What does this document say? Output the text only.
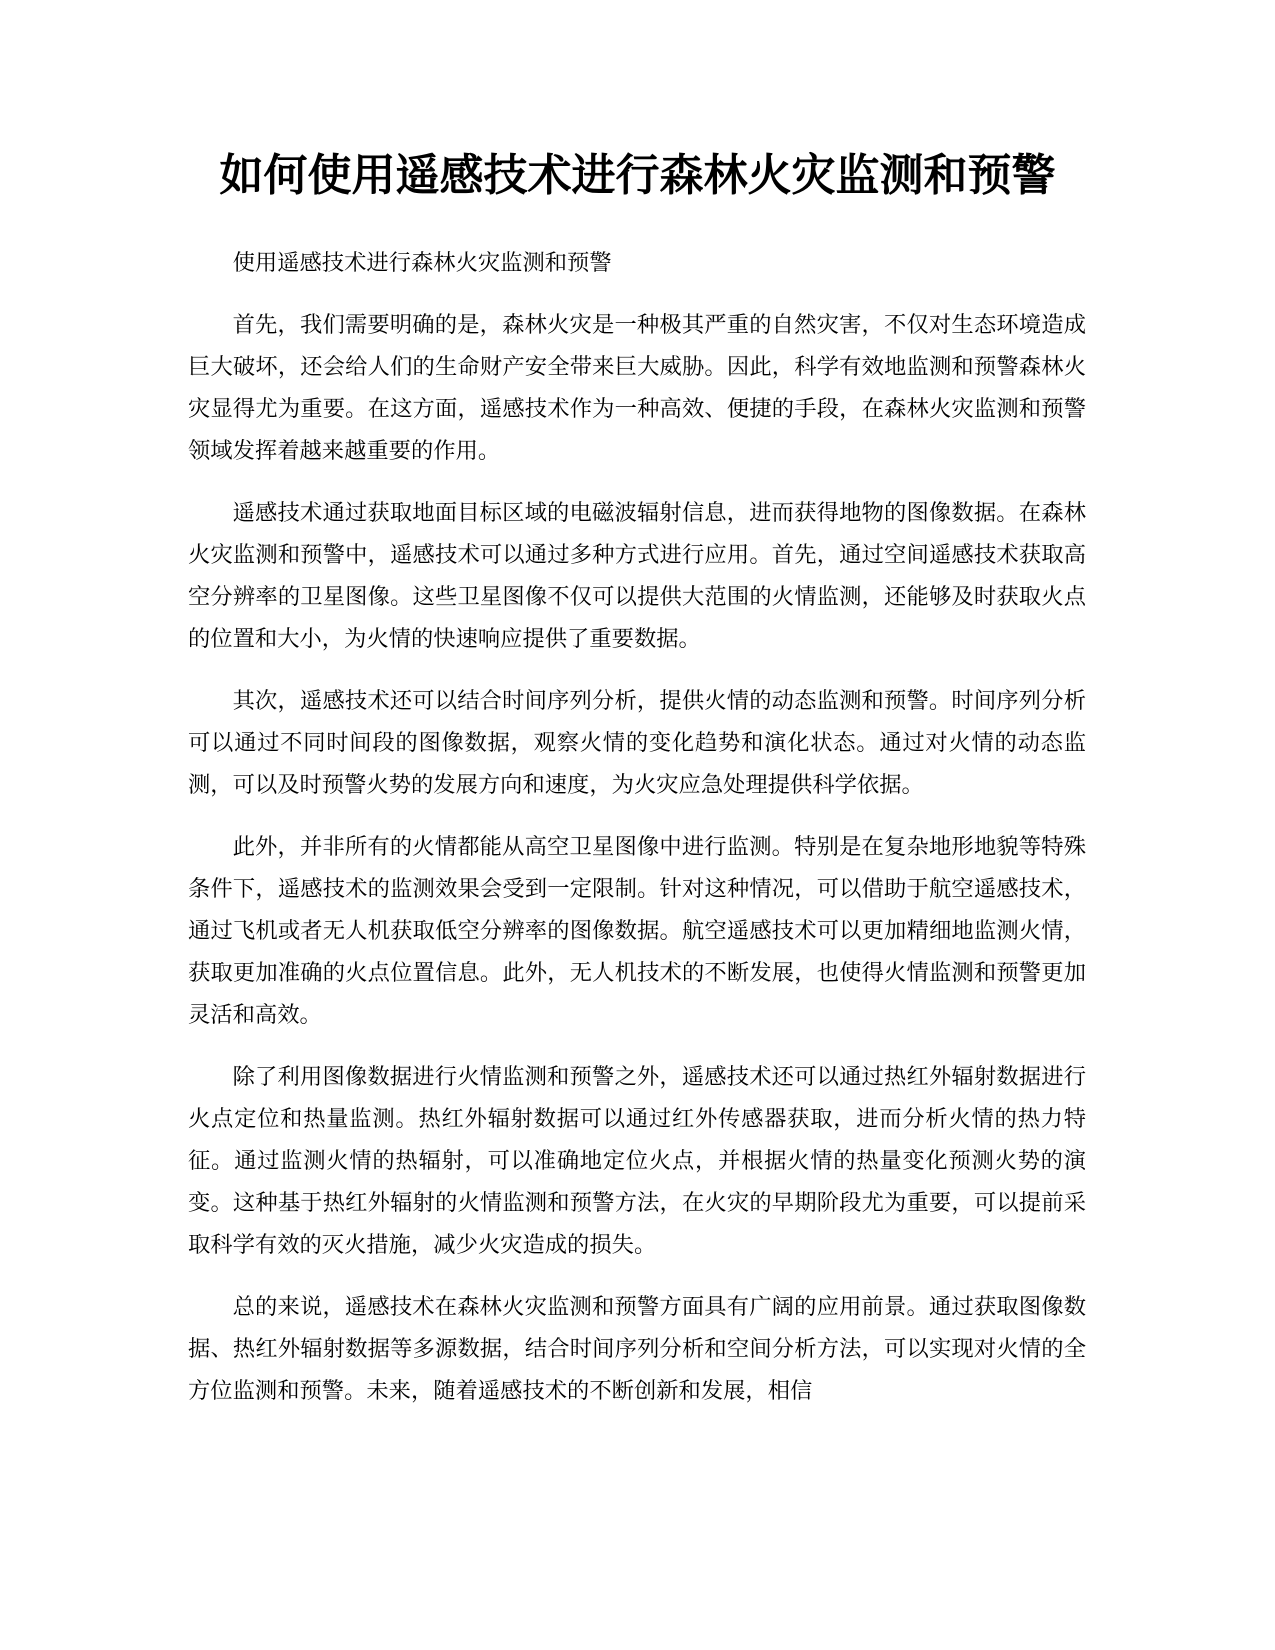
如何使用遥感技术进行森林火灾监测和预警

使用遥感技术进行森林火灾监测和预警

首先，我们需要明确的是，森林火灾是一种极其严重的自然灾害，不仅对生态环境造成巨大破坏，还会给人们的生命财产安全带来巨大威胁。因此，科学有效地监测和预警森林火灾显得尤为重要。在这方面，遥感技术作为一种高效、便捷的手段，在森林火灾监测和预警领域发挥着越来越重要的作用。

遥感技术通过获取地面目标区域的电磁波辐射信息，进而获得地物的图像数据。在森林火灾监测和预警中，遥感技术可以通过多种方式进行应用。首先，通过空间遥感技术获取高空分辨率的卫星图像。这些卫星图像不仅可以提供大范围的火情监测，还能够及时获取火点的位置和大小，为火情的快速响应提供了重要数据。

其次，遥感技术还可以结合时间序列分析，提供火情的动态监测和预警。时间序列分析可以通过不同时间段的图像数据，观察火情的变化趋势和演化状态。通过对火情的动态监测，可以及时预警火势的发展方向和速度，为火灾应急处理提供科学依据。

此外，并非所有的火情都能从高空卫星图像中进行监测。特别是在复杂地形地貌等特殊条件下，遥感技术的监测效果会受到一定限制。针对这种情况，可以借助于航空遥感技术，通过飞机或者无人机获取低空分辨率的图像数据。航空遥感技术可以更加精细地监测火情，获取更加准确的火点位置信息。此外，无人机技术的不断发展，也使得火情监测和预警更加灵活和高效。

除了利用图像数据进行火情监测和预警之外，遥感技术还可以通过热红外辐射数据进行火点定位和热量监测。热红外辐射数据可以通过红外传感器获取，进而分析火情的热力特征。通过监测火情的热辐射，可以准确地定位火点，并根据火情的热量变化预测火势的演变。这种基于热红外辐射的火情监测和预警方法，在火灾的早期阶段尤为重要，可以提前采取科学有效的灭火措施，减少火灾造成的损失。

总的来说，遥感技术在森林火灾监测和预警方面具有广阔的应用前景。通过获取图像数据、热红外辐射数据等多源数据，结合时间序列分析和空间分析方法，可以实现对火情的全方位监测和预警。未来，随着遥感技术的不断创新和发展，相信
